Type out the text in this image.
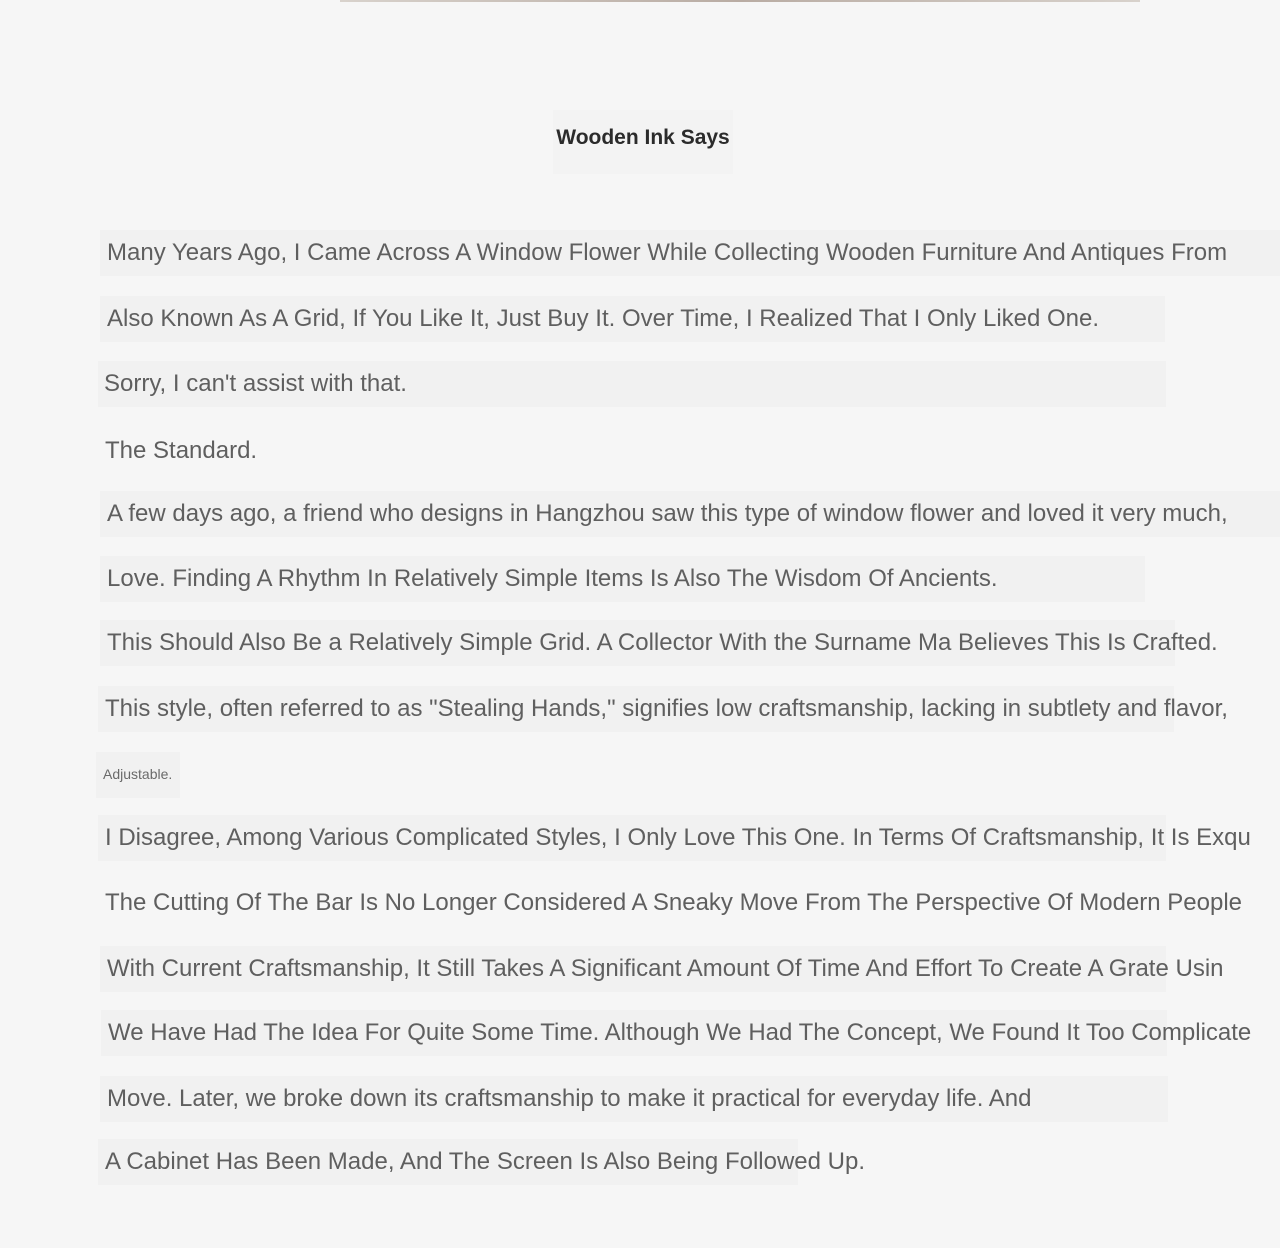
Wooden Ink Says
Many Years Ago, I Came Across A Window Flower While Collecting Wooden Furniture And Antiques From
Also Known As A Grid, If You Like It, Just Buy It. Over Time, I Realized That I Only Liked One.
Sorry, I can't assist with that.
The Standard.
A few days ago, a friend who designs in Hangzhou saw this type of window flower and loved it very much,
Love. Finding A Rhythm In Relatively Simple Items Is Also The Wisdom Of Ancients.
This Should Also Be a Relatively Simple Grid. A Collector With the Surname Ma Believes This Is Crafted.
This style, often referred to as "Stealing Hands," signifies low craftsmanship, lacking in subtlety and flavor,
Adjustable.
I Disagree, Among Various Complicated Styles, I Only Love This One. In Terms Of Craftsmanship, It Is Exqu
The Cutting Of The Bar Is No Longer Considered A Sneaky Move From The Perspective Of Modern People
With Current Craftsmanship, It Still Takes A Significant Amount Of Time And Effort To Create A Grate Usin
We Have Had The Idea For Quite Some Time. Although We Had The Concept, We Found It Too Complicate
Move. Later, we broke down its craftsmanship to make it practical for everyday life. And
A Cabinet Has Been Made, And The Screen Is Also Being Followed Up.
